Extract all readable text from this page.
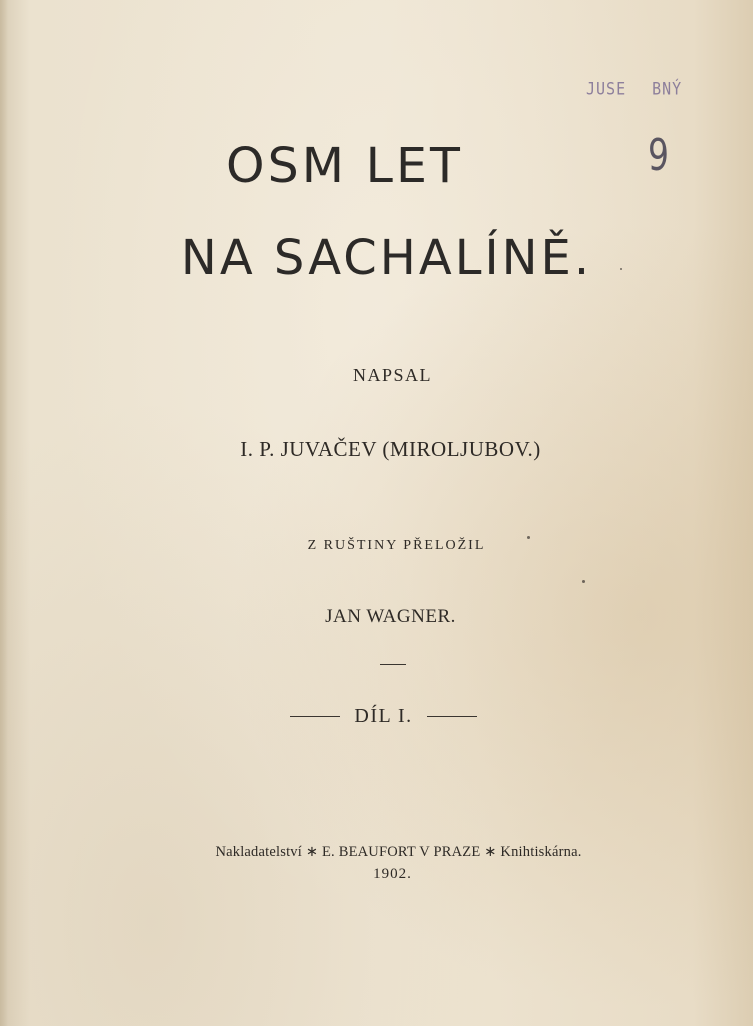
JUSE BNÝ
9
OSM LET
NA SACHALÍNĚ.

NAPSAL

I. P. JUVAČEV (MIROLJUBOV.)

Z RUŠTINY PŘELOŽIL

JAN WAGNER.

DÍL I.

Nakladatelství ∗ E. BEAUFORT V PRAZE ∗ Knihtiskárna.

1902.
